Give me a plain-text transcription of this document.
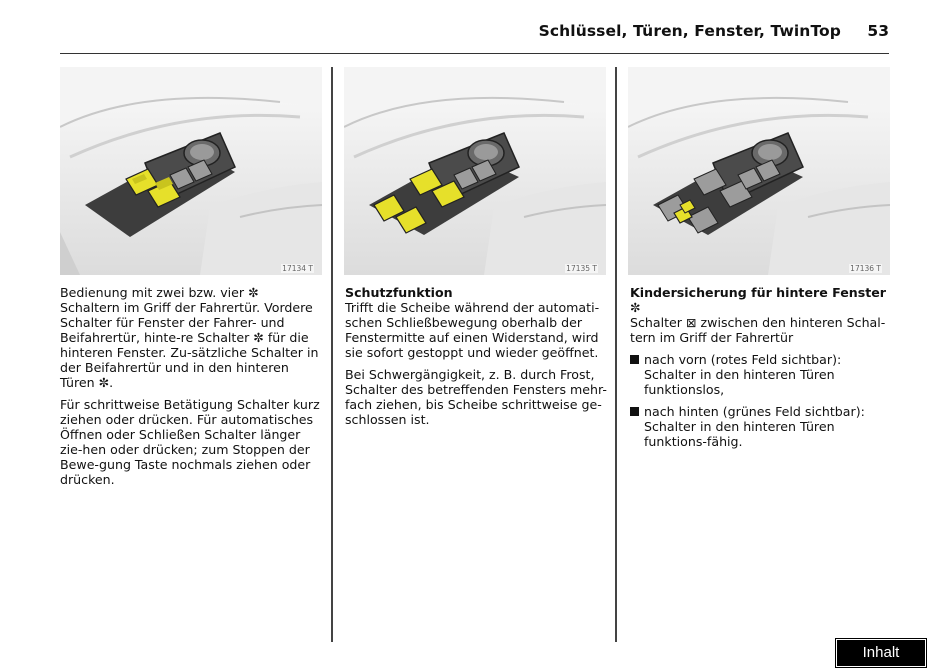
Schlüssel, Türen, Fenster, TwinTop	53
17134 T	17135 T	17136 T

Bedienung mit zwei bzw. vier ✼ Schaltern im Griff der Fahrertür. Vordere Schalter für Fenster der Fahrer- und Beifahrertür, hinte-re Schalter ✼ für die hinteren Fenster. Zu-sätzliche Schalter in der Beifahrertür und in den hinteren Türen ✼.

Für schrittweise Betätigung Schalter kurz ziehen oder drücken. Für automatisches Öffnen oder Schließen Schalter länger zie-hen oder drücken; zum Stoppen der Bewe-gung Taste nochmals ziehen oder drücken.

Schutzfunktion

Trifft die Scheibe während der automati-schen Schließbewegung oberhalb der Fenstermitte auf einen Widerstand, wird sie sofort gestoppt und wieder geöffnet.

Bei Schwergängigkeit, z. B. durch Frost, Schalter des betreffenden Fensters mehr-fach ziehen, bis Scheibe schrittweise ge-schlossen ist.

Kindersicherung für hintere Fenster ✼

Schalter ⊠ zwischen den hinteren Schal-tern im Griff der Fahrertür

nach vorn (rotes Feld sichtbar): Schalter in den hinteren Türen funktionslos,
nach hinten (grünes Feld sichtbar): Schalter in den hinteren Türen funktions-fähig.
Inhalt
